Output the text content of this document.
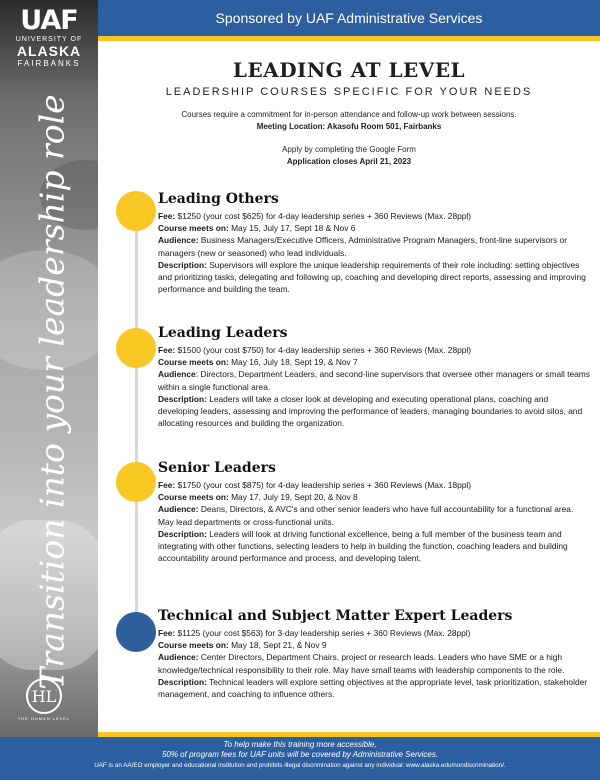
UAF
UNIVERSITY OF
ALASKA
FAIRBANKS
Transition into your leadership role
HL
THE HUMAN LEVEL
Sponsored by UAF Administrative Services
LEADING AT LEVEL
LEADERSHIP COURSES SPECIFIC FOR YOUR NEEDS
Courses require a commitment for in-person attendance and follow-up work between sessions.
Meeting Location: Akasofu Room 501, Fairbanks
Apply by completing the Google Form
Application closes April 21, 2023
Leading Others

Fee: $1250 (your cost $625) for 4-day leadership series + 360 Reviews (Max. 28ppl)

Course meets on: May 15, July 17, Sept 18 & Nov 6

Audience: Business Managers/Executive Officers, Administrative Program Managers, front-line supervisors or managers (new or seasoned) who lead individuals.

Description: Supervisors will explore the unique leadership requirements of their role including: setting objectives and prioritizing tasks, delegating and following up, coaching and developing direct reports, assessing and improving performance and building the team.

Leading Leaders

Fee: $1500 (your cost $750) for 4-day leadership series + 360 Reviews (Max. 28ppl)

Course meets on: May 16, July 18, Sept 19, & Nov 7

Audience: Directors, Department Leaders, and second-line supervisors that oversee other managers or small teams within a single functional area.

Description: Leaders will take a closer look at developing and executing operational plans, coaching and developing leaders, assessing and improving the performance of leaders, managing boundaries to avoid silos, and allocating resources and building the organization.

Senior Leaders

Fee: $1750 (your cost $875) for 4-day leadership series + 360 Reviews (Max. 18ppl)

Course meets on: May 17, July 19, Sept 20, & Nov 8

Audience: Deans, Directors, & AVC's and other senior leaders who have full accountability for a functional area. May lead departments or cross-functional units.

Description: Leaders will look at driving functional excellence, being a full member of the business team and integrating with other functions, selecting leaders to help in building the function, coaching leaders and building accountability around performance and process, and developing talent.

Technical and Subject Matter Expert Leaders

Fee: $1125 (your cost $563) for 3-day leadership series + 360 Reviews (Max. 28ppl)

Course meets on: May 18, Sept 21, & Nov 9

Audience: Center Directors, Department Chairs, project or research leads. Leaders who have SME or a high knowledge/technical responsibility to their role. May have small teams with leadership components to the role.

Description: Technical leaders will explore setting objectives at the appropriate level, task prioritization, stakeholder management, and coaching to influence others.

To help make this training more accessible,
50% of program fees for UAF units will be covered by Administrative Services.
UAF is an AA/EO employer and educational institution and prohibits illegal discrimination against any individual: www.alaska.edu/nondiscrimination/.
